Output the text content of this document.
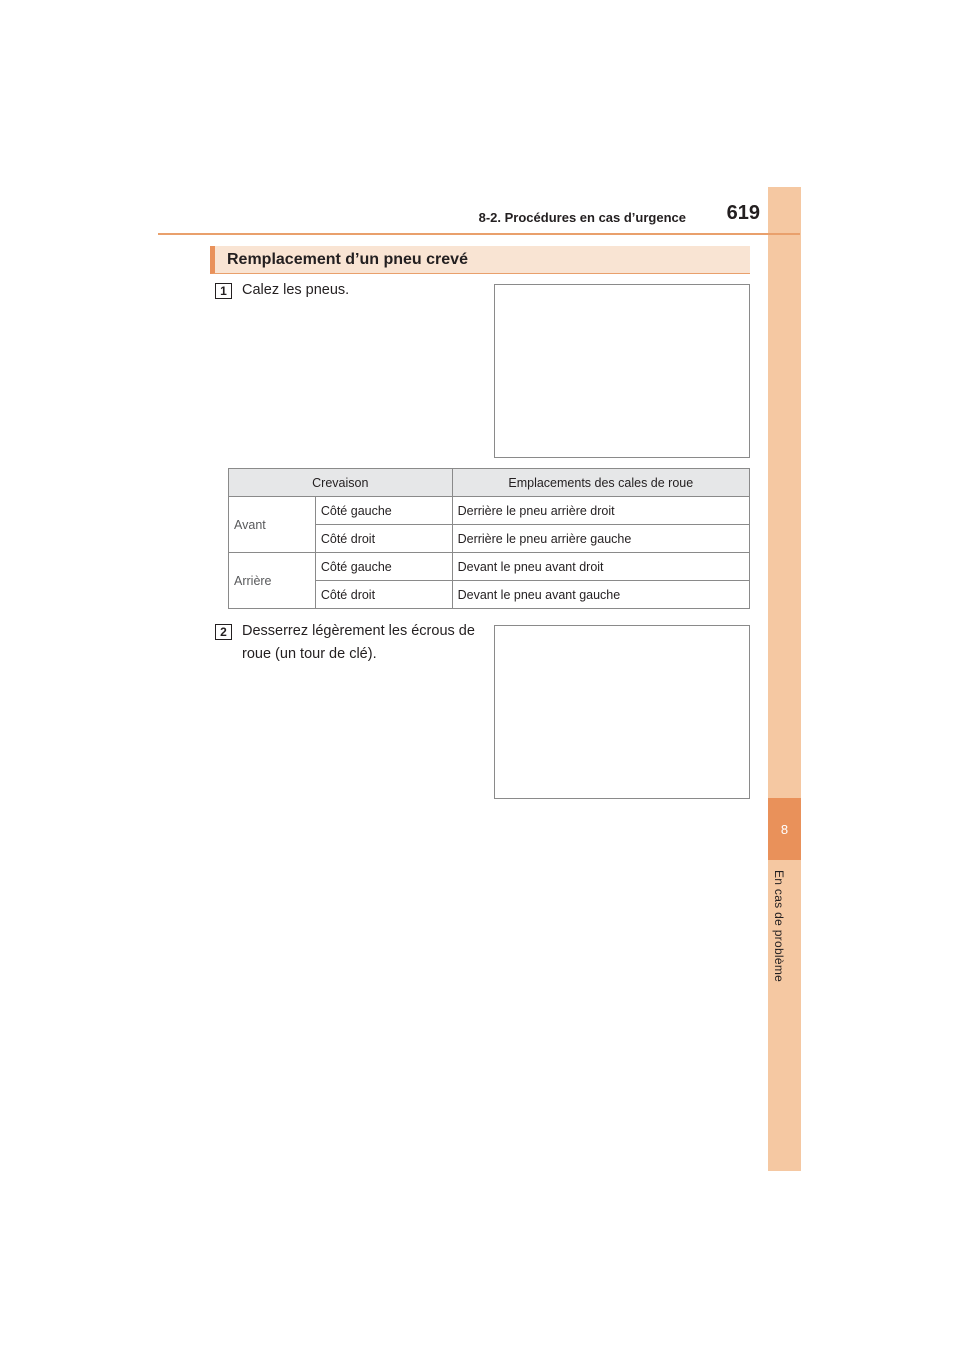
8
En cas de problème
8-2. Procédures en cas d’urgence	619
Remplacement d’un pneu crevé
1	Calez les pneus.
Crevaison		Emplacements des cales de roue
Avant	Côté gauche	Derrière le pneu arrière droit
	Côté droit	Derrière le pneu arrière gauche
Arrière	Côté gauche	Devant le pneu avant droit
	Côté droit	Devant le pneu avant gauche
2	Desserrez légèrement les écrous de
roue (un tour de clé).
